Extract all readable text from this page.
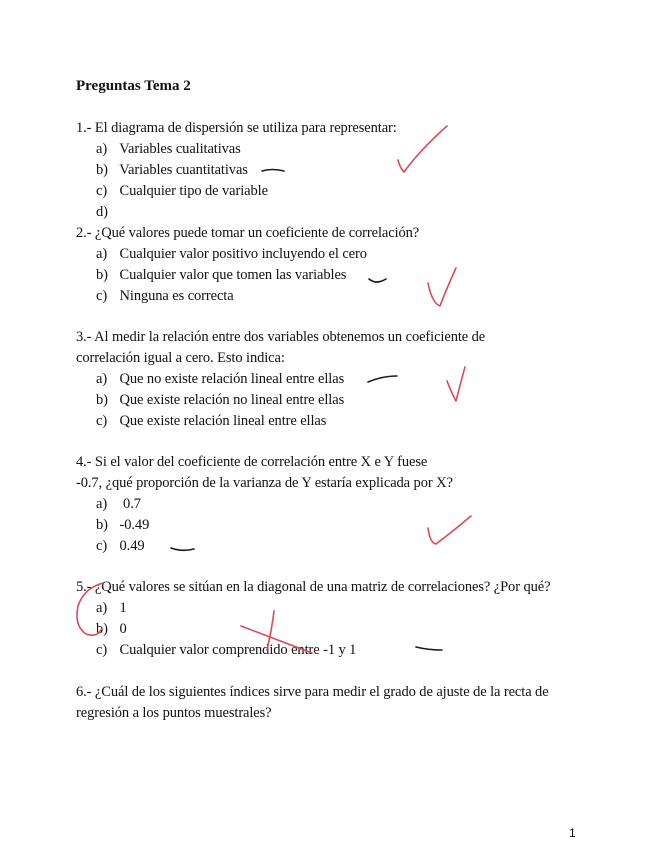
Preguntas Tema 2
1.- El diagrama de dispersión se utiliza para representar:
a) Variables cualitativas
b) Variables cuantitativas
c) Cualquier tipo de variable
d)
2.- ¿Qué valores puede tomar un coeficiente de correlación?
a) Cualquier valor positivo incluyendo el cero
b) Cualquier valor que tomen las variables
c) Ninguna es correcta
3.- Al medir la relación entre dos variables obtenemos un coeficiente de
correlación igual a cero. Esto indica:
a) Que no existe relación lineal entre ellas
b) Que existe relación no lineal entre ellas
c) Que existe relación lineal entre ellas
4.- Si el valor del coeficiente de correlación entre X e Y fuese
-0.7, ¿qué proporción de la varianza de Y estaría explicada por X?
a)  0.7
b) -0.49
c) 0.49
5.- ¿Qué valores se sitúan en la diagonal de una matriz de correlaciones? ¿Por qué?
a) 1
b) 0
c) Cualquier valor comprendido entre -1 y 1
6.- ¿Cuál de los siguientes índices sirve para medir el grado de ajuste de la recta de
regresión a los puntos muestrales?
1
